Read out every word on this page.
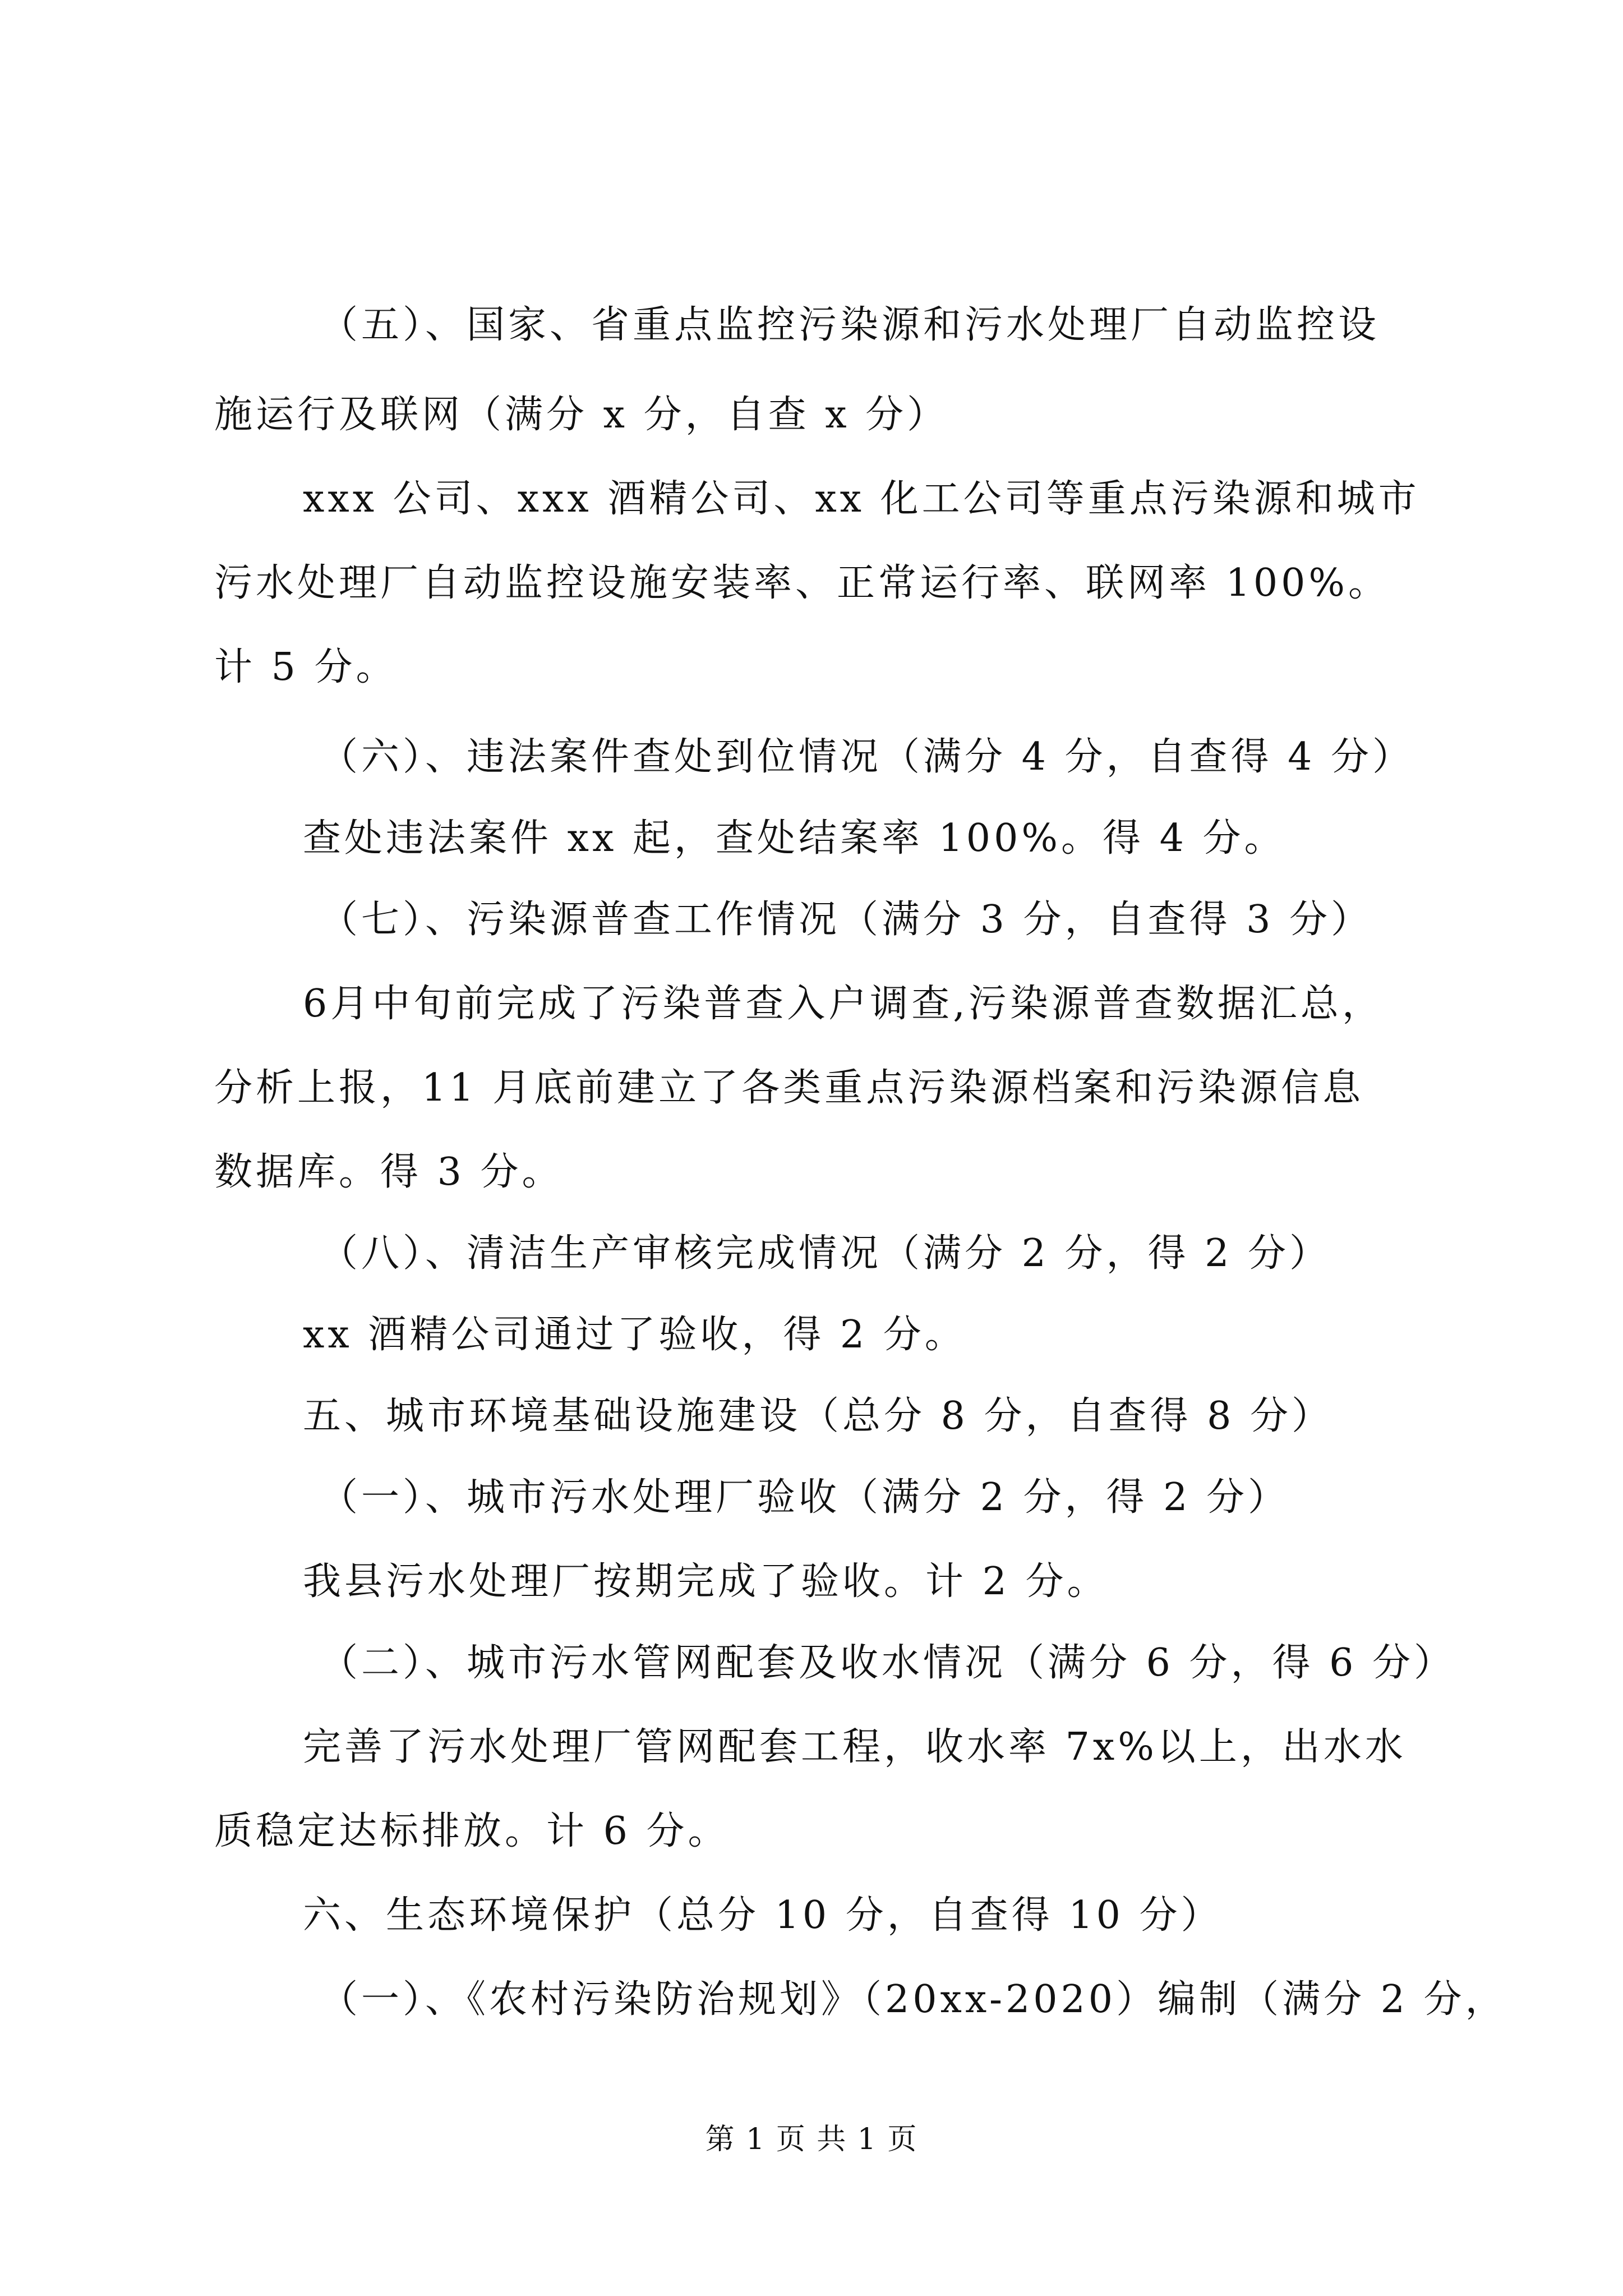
（五）、国家、省重点监控污染源和污水处理厂自动监控设
施运行及联网（满分 x 分，自查 x 分）
xxx 公司、xxx 酒精公司、xx 化工公司等重点污染源和城市
污水处理厂自动监控设施安装率、正常运行率、联网率 100%。
计 5 分。
（六）、违法案件查处到位情况（满分 4 分，自查得 4 分）
查处违法案件 xx 起，查处结案率 100%。得 4 分。
（七）、污染源普查工作情况（满分 3 分，自查得 3 分）
6月中旬前完成了污染普查入户调查,污染源普查数据汇总，
分析上报，11 月底前建立了各类重点污染源档案和污染源信息
数据库。得 3 分。
（八）、清洁生产审核完成情况（满分 2 分，得 2 分）
xx 酒精公司通过了验收，得 2 分。
五、城市环境基础设施建设（总分 8 分，自查得 8 分）
（一）、城市污水处理厂验收（满分 2 分，得 2 分）
我县污水处理厂按期完成了验收。计 2 分。
（二）、城市污水管网配套及收水情况（满分 6 分，得 6 分）
完善了污水处理厂管网配套工程，收水率 7x%以上，出水水
质稳定达标排放。计 6 分。
六、生态环境保护（总分 10 分，自查得 10 分）
（一）、《农村污染防治规划》（20xx-2020）编制（满分 2 分，
第 1 页 共 1 页
